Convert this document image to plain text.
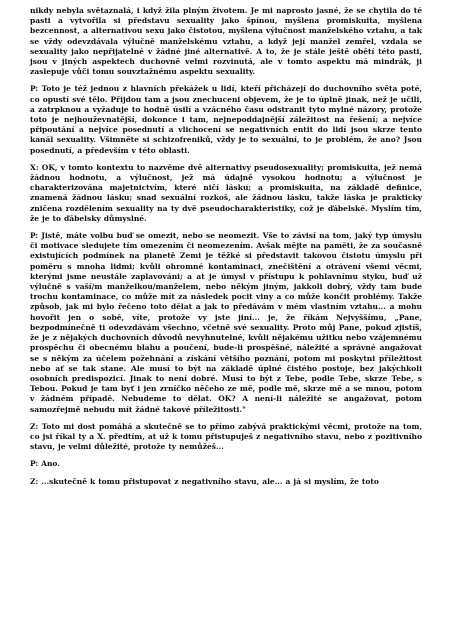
nikdy nebyla světaznalá, i když žila plným životem. Je mi naprosto jasné, že se chytila do té pasti a vytvořila si představu sexuality jako špínou, myšlena promiskuita, myšlena bezcennost, a alternativou sexu jako čistotou, myšlena výlučnost manželského vztahu, a tak se vždy odevzdávala výlučně manželskému vztahu, a když její manžel zemřel, vzdala se sexuality jako nepřijatelné v žádné jiné alternativě. A to, že je stále ještě obětí této pasti, jsou v jiných aspektech duchovně velmi rozvinutá, ale v tomto aspektu má mindrák, ji zaslepuje vůči tomu souvztažnému aspektu sexuality.

P: Toto je též jednou z hlavních překážek u lidí, kteří přicházejí do duchovního světa poté, co opustí své tělo. Přijdou tam a jsou znechuceni objevem, že je to úplně jinak, než je učili, a zatrpknou a vyžaduje to hodně úsilí a vzácného času odstranit tyto mylné názory, protože toto je nejhouževnatější, dokonce i tam, nejnepoddajnější záležitost na řešení; a nejvíce připoutání a nejvíce posednutí a vlichocení se negativních entit do lidí jsou skrze tento kanál sexuality. Všimněte si schizofreniků, vždy je to sexuální, to je problém, že ano? Jsou posednutí, a především v této oblasti.

X: OK, v tomto kontextu to nazvěme dvě alternativy pseudosexuality; promiskuita, jež nemá žádnou hodnotu, a výlučnost, jež má údajně vysokou hodnotu; a výlučnost je charakterizována majetnictvím, které ničí lásku; a promiskuita, na základě definice, znamená žádnou lásku; snad sexuální rozkoš, ale žádnou lásku, takže láska je prakticky zničena rozdělením sexuality na ty dvě pseudocharakteristiky, což je ďábelské. Myslím tím, že je to ďábelsky důmyslné.

P: Jistě, máte volbu buď se omezit, nebo se neomezit. Vše to závisí na tom, jaký typ úmyslu či motivace sledujete tím omezením či neomezením. Avšak mějte na paměti, že za současně existujících podmínek na planetě Zemi je těžké si představit takovou čistotu úmyslu při poměru s mnoha lidmi; kvůli ohromné kontaminaci, znečištění a otrávení všemi věcmi, kterými jsme neustále zaplavováni; a at je úmysl v přístupu k pohlavnímu styku, buď už výlučně s vaší/m manželkou/manželem, nebo někým jiným, jakkoli dobrý, vždy tam bude trochu kontaminace, co může mít za následek pocit viny a co může končit problémy. Takže způsob, jak mi bylo řečeno toto dělat a jak to předávám v mém vlastním vztahu... a mohu hovořit jen o sobě, víte, protože vy jste jiní... je, že říkám Nejvyššímu, „Pane, bezpodmínečně ti odevzdávám všechno, včetně své sexuality. Proto můj Pane, pokud zjistíš, že je z nějakých duchovních důvodů nevyhnutelné, kvůli nějakému užitku nebo vzájemnému prospěchu či obecnému blahu a poučení, bude-li prospěšné, náležité a správné angažovat se s někým za účelem požehnání a získání většího poznání, potom mi poskytni příležitost nebo ať se tak stane. Ale musí to být na základě úplné čistého postoje, bez jakýchkoli osobních predispozicí. Jinak to není dobré. Musí to být z Tebe, podle Tebe, skrze Tebe, s Tebou. Pokud je tam byť i jen zrníčko něčeho ze mě, podle mě, skrze mě a se mnou, potom v žádném případě. Nebudeme to dělat. OK? A není-li náležité se angažovat, potom samozřejmě nebudu mít žádné takové příležitosti."

Z: Toto mi dost pomáhá a skutečně se to přímo zabývá praktickými věcmi, protože na tom, co jsi říkal ty a X. předtím, at už k tomu přistupuješ z negativního stavu, nebo z pozitivního stavu, je velmi důležité, protože ty nemůžeš...

P: Ano.

Z: ...skutečně k tomu přistupovat z negativního stavu, ale... a já si myslím, že toto
